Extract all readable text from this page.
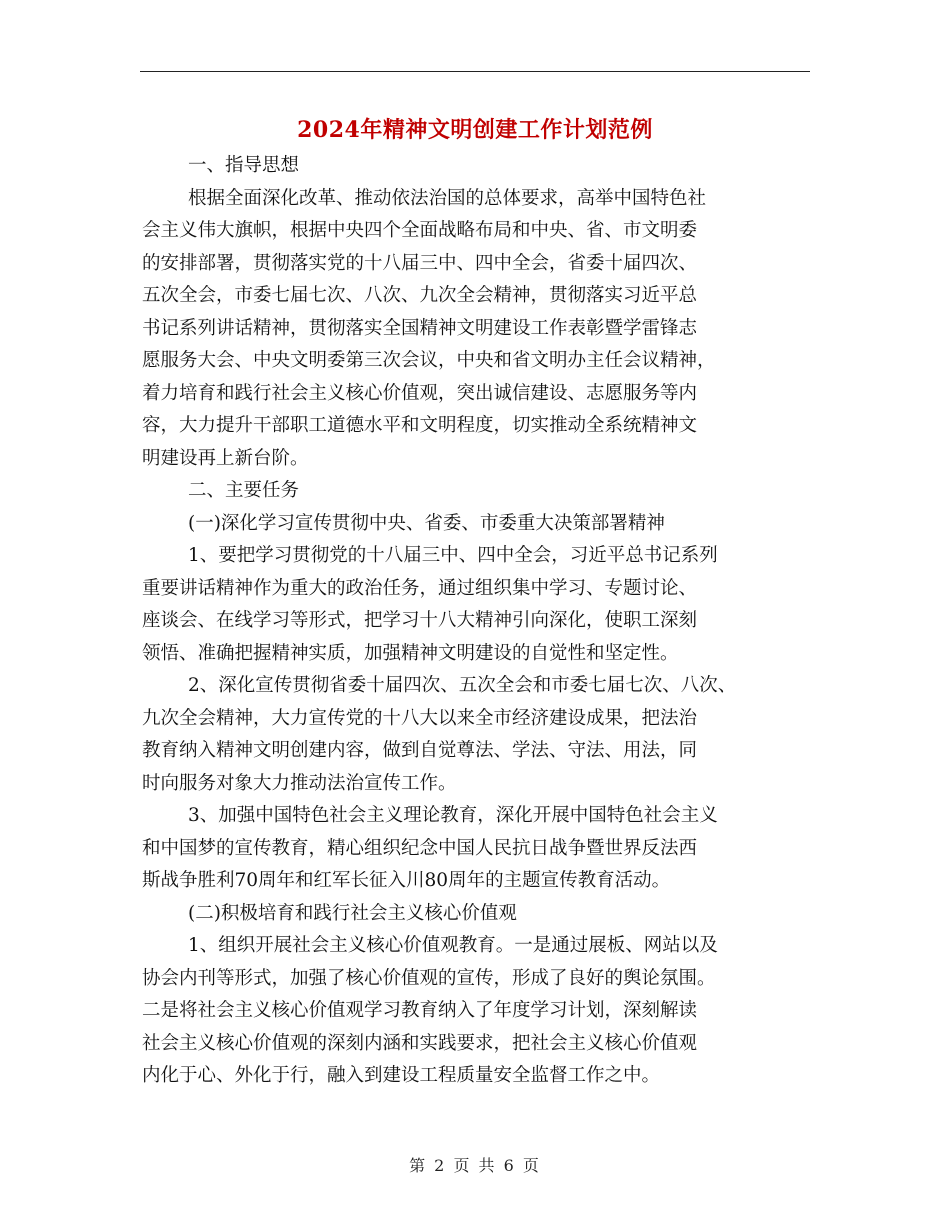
2024年精神文明创建工作计划范例
一、指导思想
根据全面深化改革、推动依法治国的总体要求，高举中国特色社
会主义伟大旗帜，根据中央四个全面战略布局和中央、省、市文明委
的安排部署，贯彻落实党的十八届三中、四中全会，省委十届四次、
五次全会，市委七届七次、八次、九次全会精神，贯彻落实习近平总
书记系列讲话精神，贯彻落实全国精神文明建设工作表彰暨学雷锋志
愿服务大会、中央文明委第三次会议，中央和省文明办主任会议精神，
着力培育和践行社会主义核心价值观，突出诚信建设、志愿服务等内
容，大力提升干部职工道德水平和文明程度，切实推动全系统精神文
明建设再上新台阶。
二、主要任务
(一)深化学习宣传贯彻中央、省委、市委重大决策部署精神
1、要把学习贯彻党的十八届三中、四中全会，习近平总书记系列
重要讲话精神作为重大的政治任务，通过组织集中学习、专题讨论、
座谈会、在线学习等形式，把学习十八大精神引向深化，使职工深刻
领悟、准确把握精神实质，加强精神文明建设的自觉性和坚定性。
2、深化宣传贯彻省委十届四次、五次全会和市委七届七次、八次、
九次全会精神，大力宣传党的十八大以来全市经济建设成果，把法治
教育纳入精神文明创建内容，做到自觉尊法、学法、守法、用法，同
时向服务对象大力推动法治宣传工作。
3、加强中国特色社会主义理论教育，深化开展中国特色社会主义
和中国梦的宣传教育，精心组织纪念中国人民抗日战争暨世界反法西
斯战争胜利70周年和红军长征入川80周年的主题宣传教育活动。
(二)积极培育和践行社会主义核心价值观
1、组织开展社会主义核心价值观教育。一是通过展板、网站以及
协会内刊等形式，加强了核心价值观的宣传，形成了良好的舆论氛围。
二是将社会主义核心价值观学习教育纳入了年度学习计划，深刻解读
社会主义核心价值观的深刻内涵和实践要求，把社会主义核心价值观
内化于心、外化于行，融入到建设工程质量安全监督工作之中。
第 2 页 共 6 页
